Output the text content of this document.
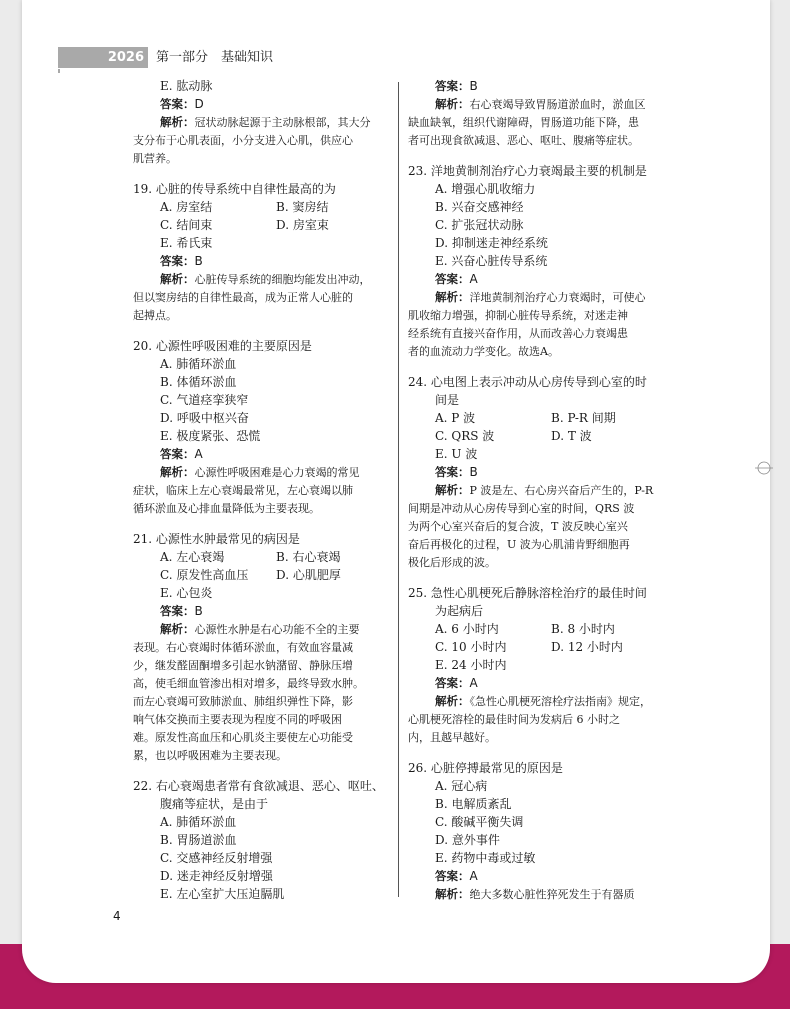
2026 第一部分　基础知识
E. 肱动脉
答案：D
解析：冠状动脉起源于主动脉根部，其大分
支分布于心肌表面，小分支进入心肌，供应心
肌营养。
19. 心脏的传导系统中自律性最高的为
A. 房室结	B. 窦房结
C. 结间束	D. 房室束
E. 希氏束
答案：B
解析：心脏传导系统的细胞均能发出冲动，
但以窦房结的自律性最高，成为正常人心脏的
起搏点。
20. 心源性呼吸困难的主要原因是
A. 肺循环淤血
B. 体循环淤血
C. 气道痉挛狭窄
D. 呼吸中枢兴奋
E. 极度紧张、恐慌
答案：A
解析：心源性呼吸困难是心力衰竭的常见
症状，临床上左心衰竭最常见，左心衰竭以肺
循环淤血及心排血量降低为主要表现。
21. 心源性水肿最常见的病因是
A. 左心衰竭	B. 右心衰竭
C. 原发性高血压	D. 心肌肥厚
E. 心包炎
答案：B
解析：心源性水肿是右心功能不全的主要
表现。右心衰竭时体循环淤血，有效血容量减
少，继发醛固酮增多引起水钠潴留、静脉压增
高，使毛细血管渗出相对增多，最终导致水肿。
而左心衰竭可致肺淤血、肺组织弹性下降，影
响气体交换而主要表现为程度不同的呼吸困
难。原发性高血压和心肌炎主要使左心功能受
累，也以呼吸困难为主要表现。
22. 右心衰竭患者常有食欲减退、恶心、呕吐、
腹痛等症状，是由于
A. 肺循环淤血
B. 胃肠道淤血
C. 交感神经反射增强
D. 迷走神经反射增强
E. 左心室扩大压迫膈肌
答案：B
解析：右心衰竭导致胃肠道淤血时，淤血区
缺血缺氧，组织代谢障碍，胃肠道功能下降，患
者可出现食欲减退、恶心、呕吐、腹痛等症状。
23. 洋地黄制剂治疗心力衰竭最主要的机制是
A. 增强心肌收缩力
B. 兴奋交感神经
C. 扩张冠状动脉
D. 抑制迷走神经系统
E. 兴奋心脏传导系统
答案：A
解析：洋地黄制剂治疗心力衰竭时，可使心
肌收缩力增强，抑制心脏传导系统，对迷走神
经系统有直接兴奋作用，从而改善心力衰竭患
者的血流动力学变化。故选A。
24. 心电图上表示冲动从心房传导到心室的时
间是
A. P 波	B. P-R 间期
C. QRS 波	D. T 波
E. U 波
答案：B
解析：P 波是左、右心房兴奋后产生的，P-R
间期是冲动从心房传导到心室的时间，QRS 波
为两个心室兴奋后的复合波，T 波反映心室兴
奋后再极化的过程，U 波为心肌浦肯野细胞再
极化后形成的波。
25. 急性心肌梗死后静脉溶栓治疗的最佳时间
为起病后
A. 6 小时内	B. 8 小时内
C. 10 小时内	D. 12 小时内
E. 24 小时内
答案：A
解析：《急性心肌梗死溶栓疗法指南》规定，
心肌梗死溶栓的最佳时间为发病后 6 小时之
内，且越早越好。
26. 心脏停搏最常见的原因是
A. 冠心病
B. 电解质紊乱
C. 酸碱平衡失调
D. 意外事件
E. 药物中毒或过敏
答案：A
解析：绝大多数心脏性猝死发生于有器质
4
